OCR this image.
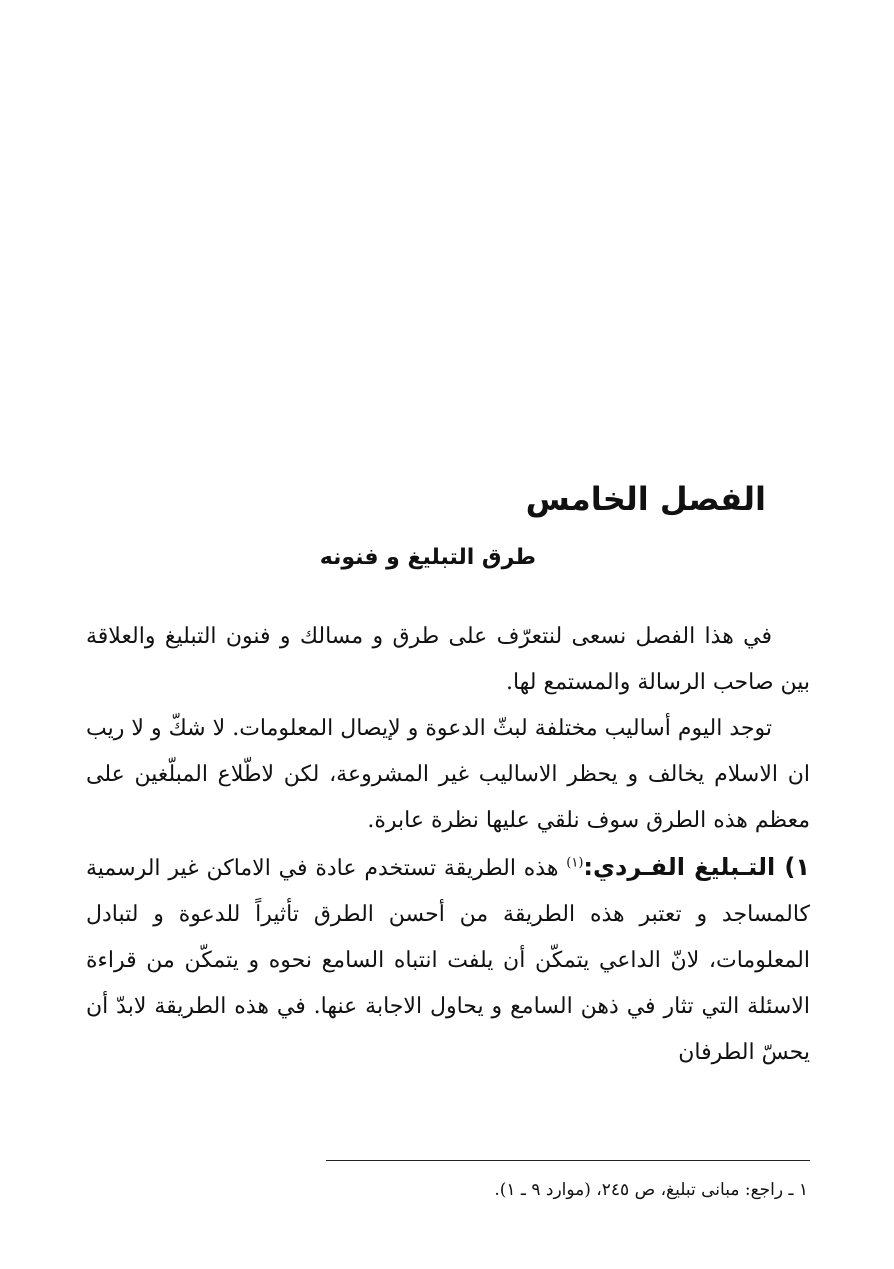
الفصل الخامس
طرق التبليغ و فنونه

في هذا الفصل نسعى لنتعرّف على طرق و مسالك و فنون التبليغ والعلاقة بين صاحب الرسالة والمستمع لها.

توجد اليوم أساليب مختلفة لبثّ الدعوة و لإيصال المعلومات. لا شكّ و لا ريب ان الاسلام يخالف و يحظر الاساليب غير المشروعة، لكن لاطّلاع المبلّغين على معظم هذه الطرق سوف نلقي عليها نظرة عابرة.

١) التـبليغ الفـردي:$^{(١)}$ هذه الطريقة تستخدم عادة في الاماكن غير الرسمية كالمساجد و تعتبر هذه الطريقة من أحسن الطرق تأثيراً للدعوة و لتبادل المعلومات، لانّ الداعي يتمكّن أن يلفت انتباه السامع نحوه و يتمكّن من قراءة الاسئلة التي تثار في ذهن السامع و يحاول الاجابة عنها. في هذه الطريقة لابدّ أن يحسّ الطرفان

١ ـ راجع: مبانى تبليغ، ص ٢٤٥، (موارد ٩ ـ ١).
